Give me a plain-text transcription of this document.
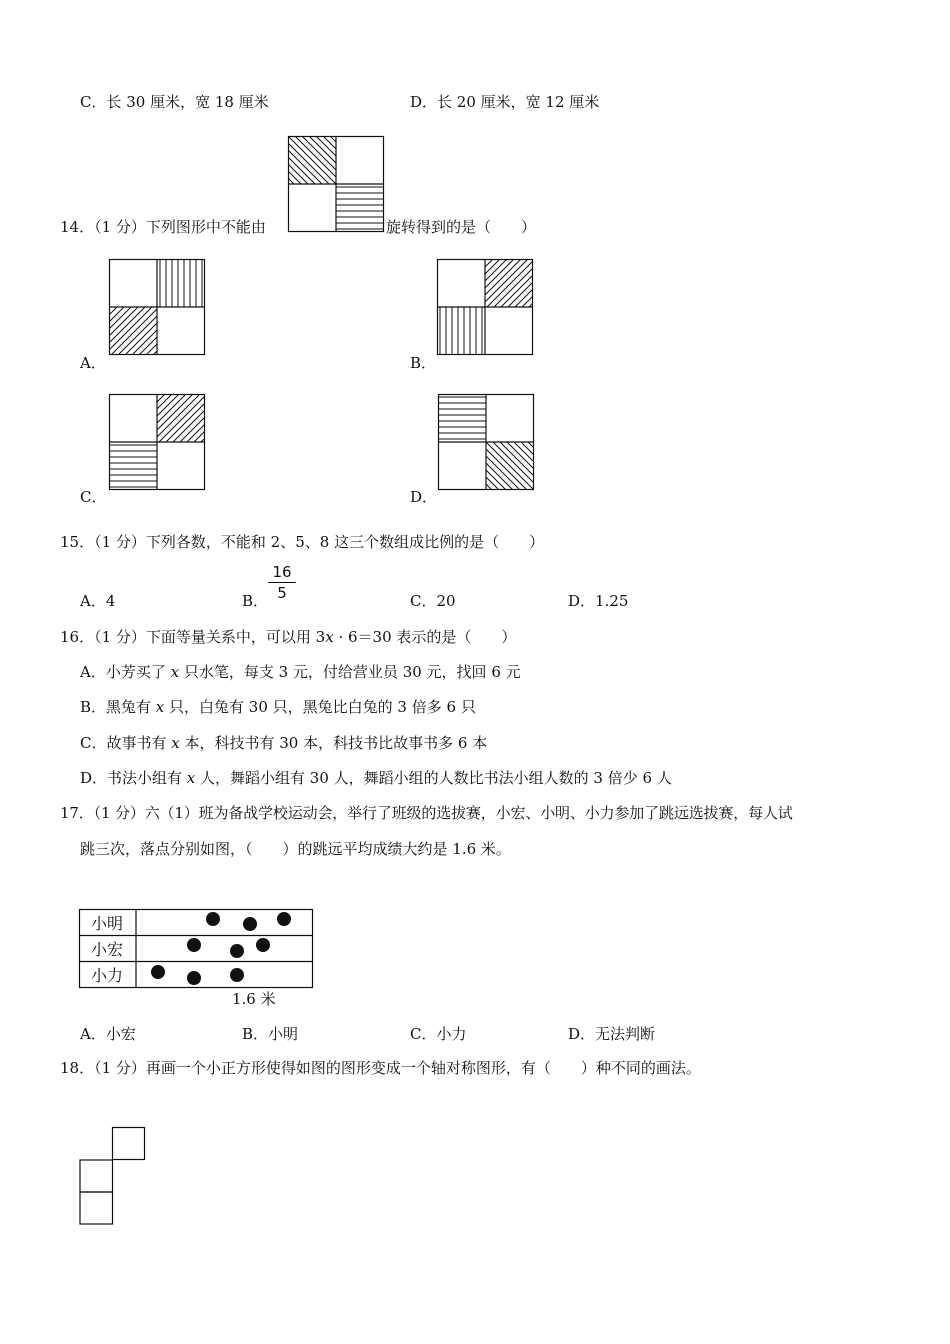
C．长 30 厘米，宽 18 厘米	D．长 20 厘米，宽 12 厘米
14．（1 分）下列图形中不能由	旋转得到的是（　　）
A．	B．
C．	D．
15．（1 分）下列各数，不能和 2、5、8 这三个数组成比例的是（　　）
A．4	B．
16
5	C．20	D．1.25
16．（1 分）下面等量关系中，可以用 3x · 6＝30 表示的是（　　）
A．小芳买了 x 只水笔，每支 3 元，付给营业员 30 元，找回 6 元
B．黑兔有 x 只，白兔有 30 只，黑兔比白兔的 3 倍多 6 只
C．故事书有 x 本，科技书有 30 本，科技书比故事书多 6 本
D．书法小组有 x 人，舞蹈小组有 30 人，舞蹈小组的人数比书法小组人数的 3 倍少 6 人
17．（1 分）六（1）班为备战学校运动会，举行了班级的选拔赛，小宏、小明、小力参加了跳远选拔赛，每人试
跳三次，落点分别如图，（　　）的跳远平均成绩大约是 1.6 米。
小明
小宏
小力
1.6 米
A．小宏	B．小明	C．小力	D．无法判断
18．（1 分）再画一个小正方形使得如图的图形变成一个轴对称图形，有（　　）种不同的画法。
